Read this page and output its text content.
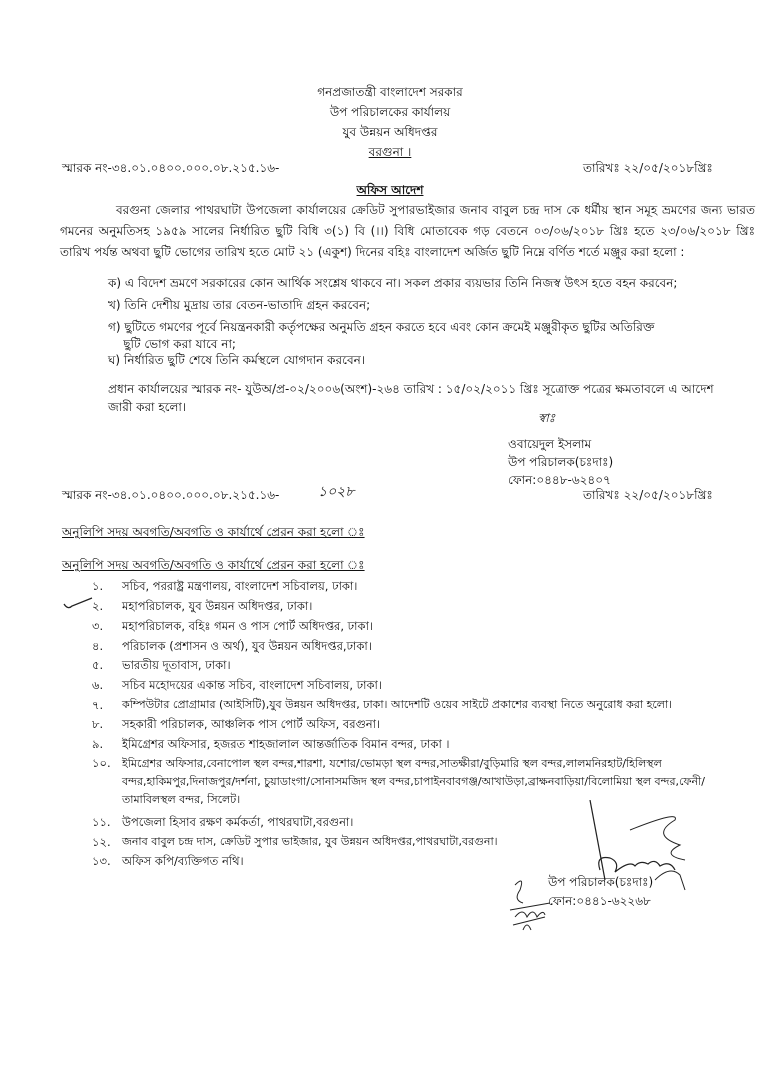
গনপ্রজাতন্ত্রী বাংলাদেশ সরকার
উপ পরিচালকের কার্যালয়
যুব উন্নয়ন অধিদপ্তর
বরগুনা ।
স্মারক নং-৩৪.০১.০৪০০.০০০.০৮.২১৫.১৬-	তারিখঃ ২২/০৫/২০১৮খ্রিঃ
অফিস আদেশ
বরগুনা জেলার পাথরঘাটা উপজেলা কার্যালয়ের ক্রেডিট সুপারভাইজার জনাব বাবুল চন্দ্র দাস কে ধর্মীয় স্থান সমূহ ভ্রমণের জন্য ভারত গমনের অনুমতিসহ ১৯৫৯ সালের নির্ধারিত ছুটি বিধি ৩(১) বি (।।) বিধি মোতাবেক গড় বেতনে ০৩/০৬/২০১৮ খ্রিঃ হতে ২৩/০৬/২০১৮ খ্রিঃ তারিখ পর্যন্ত অথবা ছুটি ভোগের তারিখ হতে মোট ২১ (একুশ) দিনের বহিঃ বাংলাদেশ অর্জিত ছুটি নিম্নে বর্ণিত শর্তে মঞ্জুর করা হলো :
ক) এ বিদেশ ভ্রমণে সরকারের কোন আর্থিক সংশ্লেষ থাকবে না। সকল প্রকার ব্যয়ভার তিনি নিজস্ব উৎস হতে বহন করবেন;
খ) তিনি দেশীয় মুদ্রায় তার বেতন-ভাতাদি গ্রহন করবেন;
গ) ছুটিতে গমণের পূর্বে নিয়ন্ত্রনকারী কর্তৃপক্ষের অনুমতি গ্রহন করতে হবে এবং কোন ক্রমেই মঞ্জুরীকৃত ছুটির অতিরিক্ত
ছুটি ভোগ করা যাবে না;
ঘ) নির্ধারিত ছুটি শেষে তিনি কর্মস্থলে যোগদান করবেন।
প্রধান কার্যালয়ের স্মারক নং- যুউঅ/প্র-০২/২০০৬(অংশ)-২৬৪ তারিখ : ১৫/০২/২০১১ খ্রিঃ সূত্রোক্ত পত্রের ক্ষমতাবলে এ আদেশ
জারী করা হলো।
স্বাঃ
ওবায়েদুল ইসলাম
উপ পরিচালক(চঃদাঃ)
ফোন:০৪৪৮-৬২৪০৭
স্মারক নং-৩৪.০১.০৪০০.০০০.০৮.২১৫.১৬-	১০২৮	তারিখঃ ২২/০৫/২০১৮খ্রিঃ
অনুলিপি সদয় অবগতি/অবগতি ও কার্যার্থে প্রেরন করা হলো ঃ
অনুলিপি সদয় অবগতি/অবগতি ও কার্যার্থে প্রেরন করা হলো ঃ
১.	সচিব, পররাষ্ট্র মন্ত্রণালয়, বাংলাদেশ সচিবালয়, ঢাকা।
২.	মহাপরিচালক, যুব উন্নয়ন অধিদপ্তর, ঢাকা।
৩.	মহাপরিচালক, বহিঃ গমন ও পাস পোর্ট অধিদপ্তর, ঢাকা।
৪.	পরিচালক (প্রশাসন ও অর্থ), যুব উন্নয়ন অধিদপ্তর,ঢাকা।
৫.	ভারতীয় দূতাবাস, ঢাকা।
৬.	সচিব মহোদয়ের একান্ত সচিব, বাংলাদেশ সচিবালয়, ঢাকা।
৭.	কম্পিউটার প্রোগ্রামার (আইসিটি),যুব উন্নয়ন অধিদপ্তর, ঢাকা। আদেশটি ওয়েব সাইটে প্রকাশের ব্যবস্থা নিতে অনুরোধ করা হলো।
৮.	সহকারী পরিচালক, আঞ্চলিক পাস পোর্ট অফিস, বরগুনা।
৯.	ইমিগ্রেশর অফিসার, হজরত শাহজালাল আন্তর্জাতিক বিমান বন্দর, ঢাকা ।
১০.	ইমিগ্রেশর অফিসার,বেনাপোল স্থল বন্দর,শারশা, যশোর/ভোমড়া স্থল বন্দর,সাতক্ষীরা/বুড়িমারি স্থল বন্দর,লালমনিরহাট/হিলিস্থল বন্দর,হাকিমপুর,দিনাজপুর/দর্শনা, চুয়াডাংগা/সোনাসমজিদ স্থল বন্দর,চাপাইনবাবগঞ্জ/আখাউড়া,ব্রাক্ষনবাড়িয়া/বিলোমিয়া স্থল বন্দর,ফেনী/তামাবিলস্থল বন্দর, সিলেট।
১১. উপজেলা হিসাব রক্ষণ কর্মকর্তা, পাথরঘাটা,বরগুনা।
১২.	জনাব বাবুল চন্দ্র দাস, ক্রেডিট সুপার ভাইজার, যুব উন্নয়ন অধিদপ্তর,পাথরঘাটা,বরগুনা।
১৩. অফিস কপি/ব্যক্তিগত নথি।
উপ পরিচালক(চঃদাঃ)
ফোন:০৪৪১-৬২২৬৮
